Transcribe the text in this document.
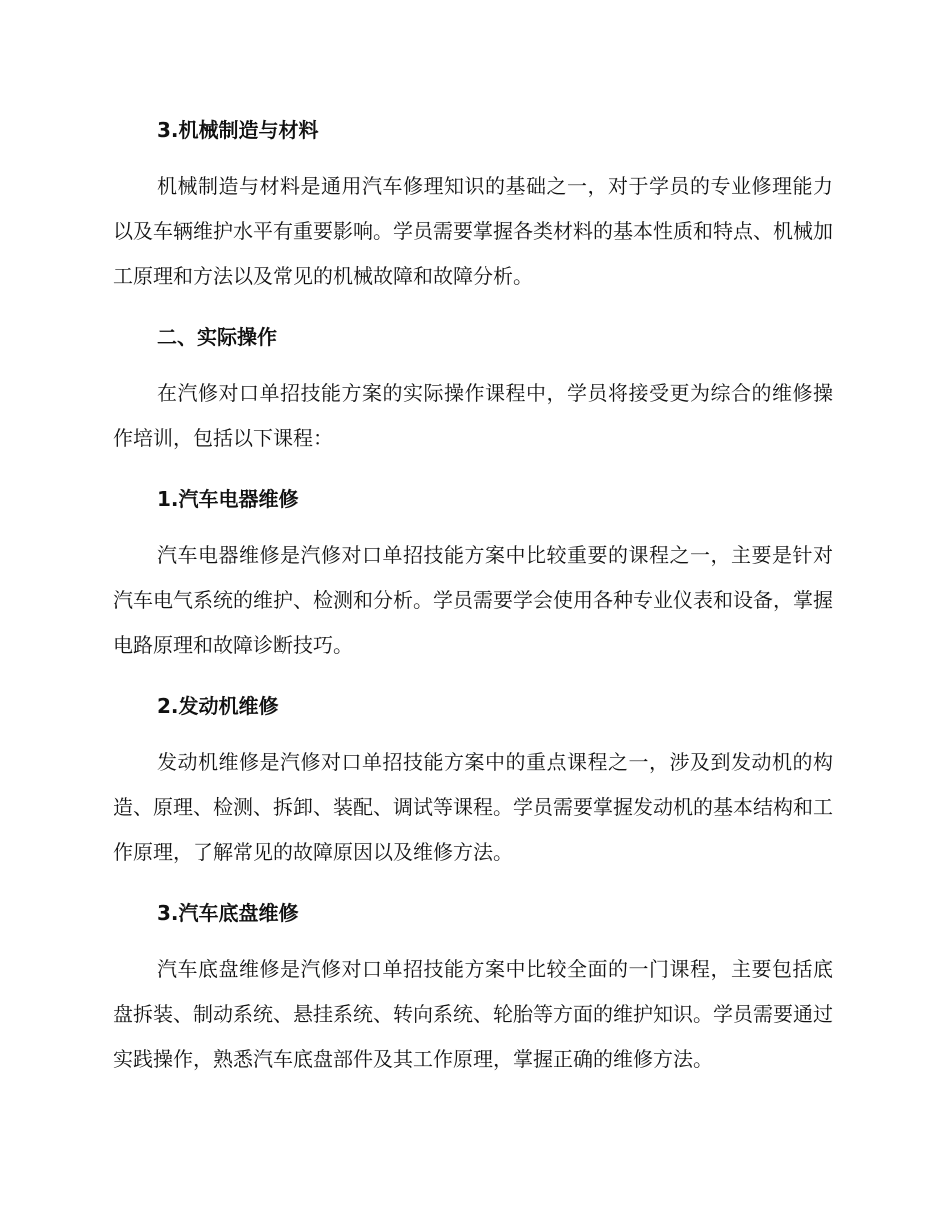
3.机械制造与材料

机械制造与材料是通用汽车修理知识的基础之一，对于学员的专业修理能力以及车辆维护水平有重要影响。学员需要掌握各类材料的基本性质和特点、机械加工原理和方法以及常见的机械故障和故障分析。

二、实际操作

在汽修对口单招技能方案的实际操作课程中，学员将接受更为综合的维修操作培训，包括以下课程：

1.汽车电器维修

汽车电器维修是汽修对口单招技能方案中比较重要的课程之一，主要是针对汽车电气系统的维护、检测和分析。学员需要学会使用各种专业仪表和设备，掌握电路原理和故障诊断技巧。

2.发动机维修

发动机维修是汽修对口单招技能方案中的重点课程之一，涉及到发动机的构造、原理、检测、拆卸、装配、调试等课程。学员需要掌握发动机的基本结构和工作原理，了解常见的故障原因以及维修方法。

3.汽车底盘维修

汽车底盘维修是汽修对口单招技能方案中比较全面的一门课程，主要包括底盘拆装、制动系统、悬挂系统、转向系统、轮胎等方面的维护知识。学员需要通过实践操作，熟悉汽车底盘部件及其工作原理，掌握正确的维修方法。
